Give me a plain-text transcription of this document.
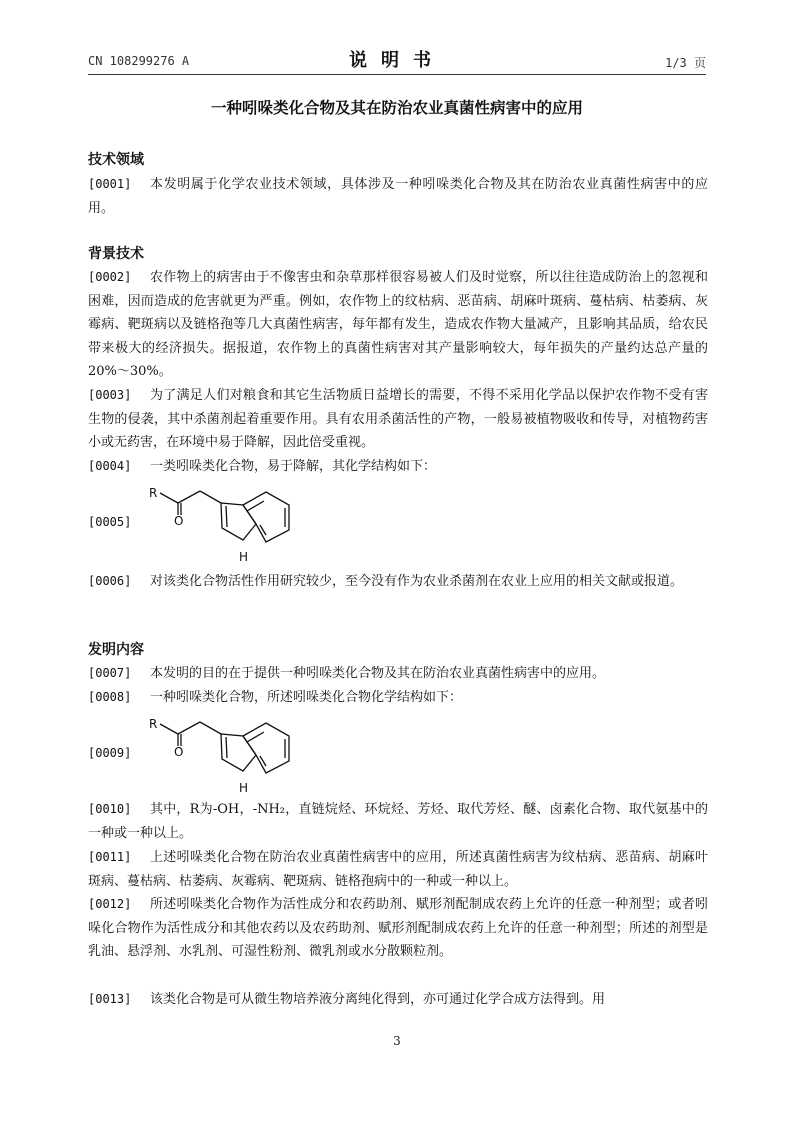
CN 108299276 A	说明书	1/3 页
一种吲哚类化合物及其在防治农业真菌性病害中的应用
技术领域

[0001] 本发明属于化学农业技术领域，具体涉及一种吲哚类化合物及其在防治农业真菌性病害中的应用。

背景技术

[0002] 农作物上的病害由于不像害虫和杂草那样很容易被人们及时觉察，所以往往造成防治上的忽视和困难，因而造成的危害就更为严重。例如，农作物上的纹枯病、恶苗病、胡麻叶斑病、蔓枯病、枯萎病、灰霉病、靶斑病以及链格孢等几大真菌性病害，每年都有发生，造成农作物大量减产，且影响其品质，给农民带来极大的经济损失。据报道，农作物上的真菌性病害对其产量影响较大，每年损失的产量约达总产量的20%～30%。

[0003] 为了满足人们对粮食和其它生活物质日益增长的需要，不得不采用化学品以保护农作物不受有害生物的侵袭，其中杀菌剂起着重要作用。具有农用杀菌活性的产物，一般易被植物吸收和传导，对植物药害小或无药害，在环境中易于降解，因此倍受重视。

[0004] 一类吲哚类化合物，易于降解，其化学结构如下：

[0005]
R
O
H

[0006] 对该类化合物活性作用研究较少，至今没有作为农业杀菌剂在农业上应用的相关文献或报道。

发明内容

[0007] 本发明的目的在于提供一种吲哚类化合物及其在防治农业真菌性病害中的应用。

[0008] 一种吲哚类化合物，所述吲哚类化合物化学结构如下：

[0009]
R
O
H

[0010] 其中，R为-OH，-NH₂，直链烷烃、环烷烃、芳烃、取代芳烃、醚、卤素化合物、取代氨基中的一种或一种以上。

[0011] 上述吲哚类化合物在防治农业真菌性病害中的应用，所述真菌性病害为纹枯病、恶苗病、胡麻叶斑病、蔓枯病、枯萎病、灰霉病、靶斑病、链格孢病中的一种或一种以上。

[0012] 所述吲哚类化合物作为活性成分和农药助剂、赋形剂配制成农药上允许的任意一种剂型；或者吲哚化合物作为活性成分和其他农药以及农药助剂、赋形剂配制成农药上允许的任意一种剂型；所述的剂型是乳油、悬浮剂、水乳剂、可湿性粉剂、微乳剂或水分散颗粒剂。

[0013] 该类化合物是可从微生物培养液分离纯化得到，亦可通过化学合成方法得到。用

3
